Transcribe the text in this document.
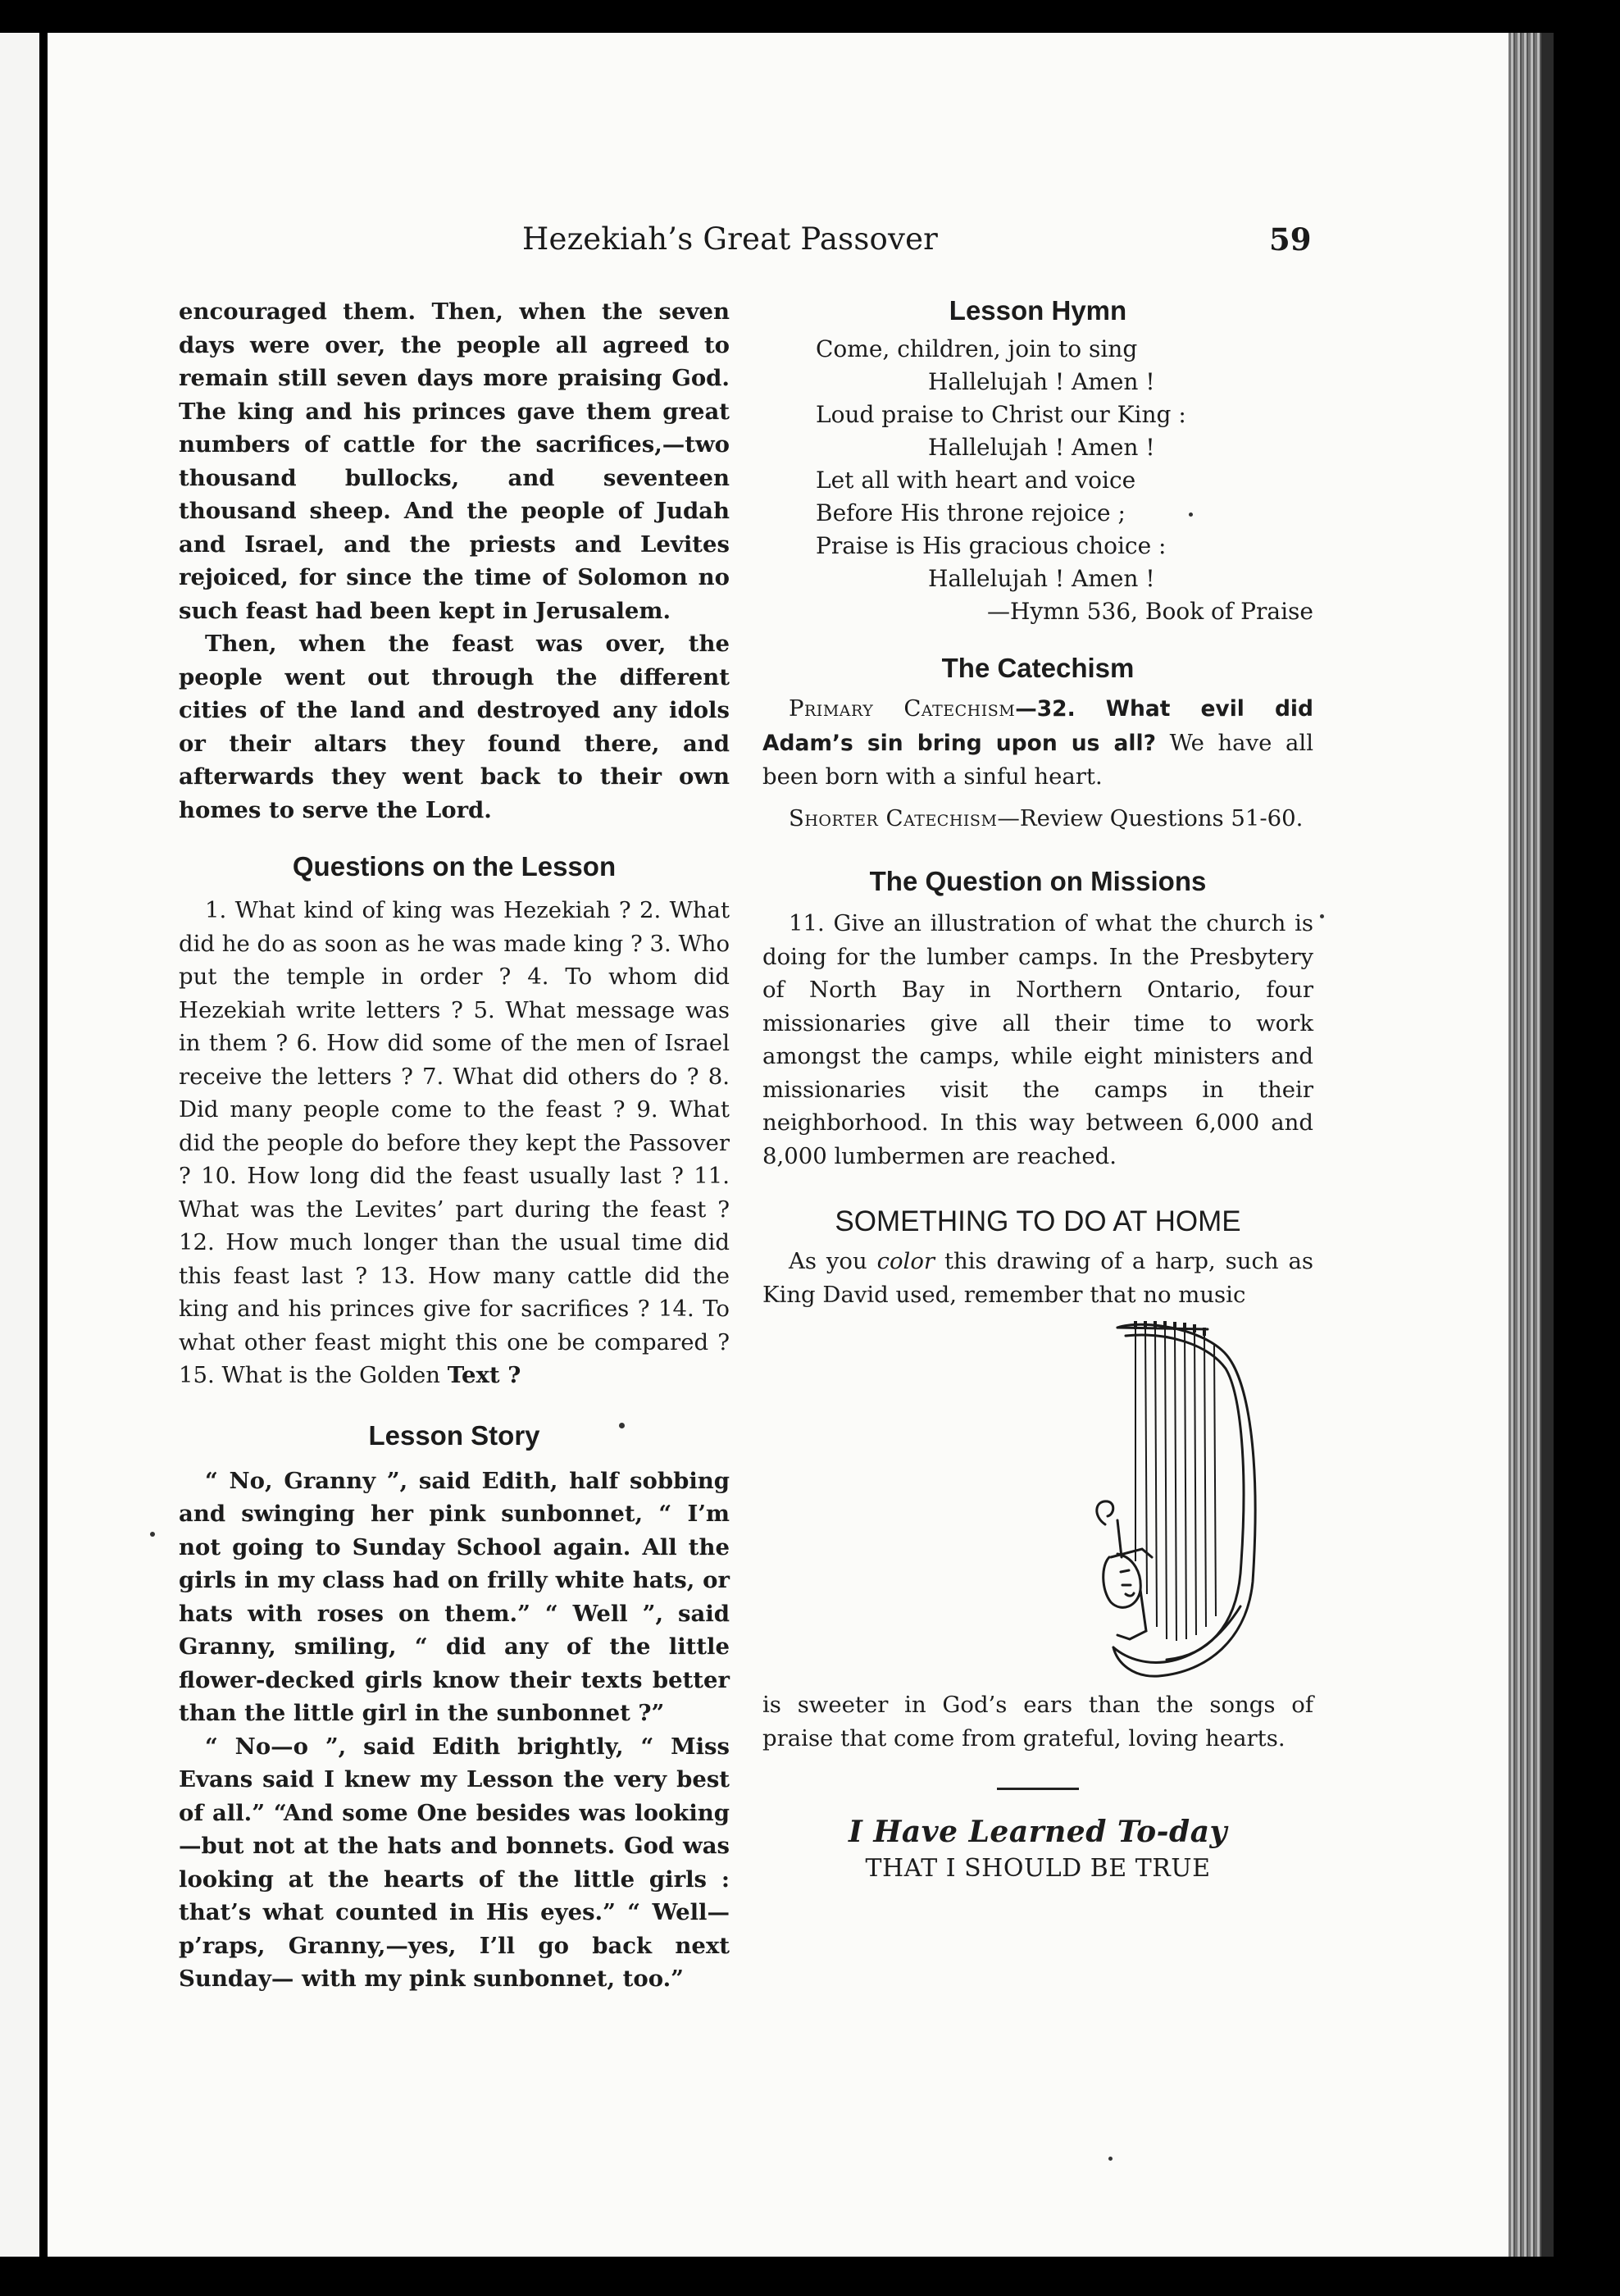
Hezekiah’s Great Passover	59

encouraged them. Then, when the seven days were over, the people all agreed to remain still seven days more praising God. The king and his princes gave them great numbers of cattle for the sacrifices,—two thousand bullocks, and seventeen thousand sheep. And the people of Judah and Israel, and the priests and Levites rejoiced, for since the time of Solomon no such feast had been kept in Jerusalem.

Then, when the feast was over, the people went out through the different cities of the land and destroyed any idols or their altars they found there, and afterwards they went back to their own homes to serve the Lord.

Questions on the Lesson

1. What kind of king was Hezekiah ? 2. What did he do as soon as he was made king ? 3. Who put the temple in order ? 4. To whom did Hezekiah write letters ? 5. What message was in them ? 6. How did some of the men of Israel receive the letters ? 7. What did others do ? 8. Did many people come to the feast ? 9. What did the people do before they kept the Passover ? 10. How long did the feast usually last ? 11. What was the Levites’ part during the feast ? 12. How much longer than the usual time did this feast last ? 13. How many cattle did the king and his princes give for sacrifices ? 14. To what other feast might this one be compared ? 15. What is the Golden Text ?

Lesson Story

“ No, Granny ”, said Edith, half sobbing and swinging her pink sunbonnet, “ I’m not going to Sunday School again. All the girls in my class had on frilly white hats, or hats with roses on them.” “ Well ”, said Granny, smiling, “ did any of the little flower-decked girls know their texts better than the little girl in the sunbonnet ?”

“ No—o ”, said Edith brightly, “ Miss Evans said I knew my Lesson the very best of all.” “And some One besides was looking —but not at the hats and bonnets. God was looking at the hearts of the little girls : that’s what counted in His eyes.” “ Well—p’raps, Granny,—yes, I’ll go back next Sunday— with my pink sunbonnet, too.”

Lesson Hymn

Come, children, join to sing

Hallelujah ! Amen !

Loud praise to Christ our King :

Hallelujah ! Amen !

Let all with heart and voice

Before His throne rejoice ;

Praise is His gracious choice :

Hallelujah ! Amen !

—Hymn 536, Book of Praise

The Catechism

Primary Catechism—32. What evil did Adam’s sin bring upon us all? We have all been born with a sinful heart.

Shorter Catechism—Review Questions 51-60.

The Question on Missions

11. Give an illustration of what the church is doing for the lumber camps. In the Presbytery of North Bay in Northern Ontario, four missionaries give all their time to work amongst the camps, while eight ministers and missionaries visit the camps in their neighborhood. In this way between 6,000 and 8,000 lumbermen are reached.

SOMETHING TO DO AT HOME

As you color this drawing of a harp, such as King David used, remember that no music

is sweeter in God’s ears than the songs of praise that come from grateful, loving hearts.

I Have Learned To-day

THAT I SHOULD BE TRUE
